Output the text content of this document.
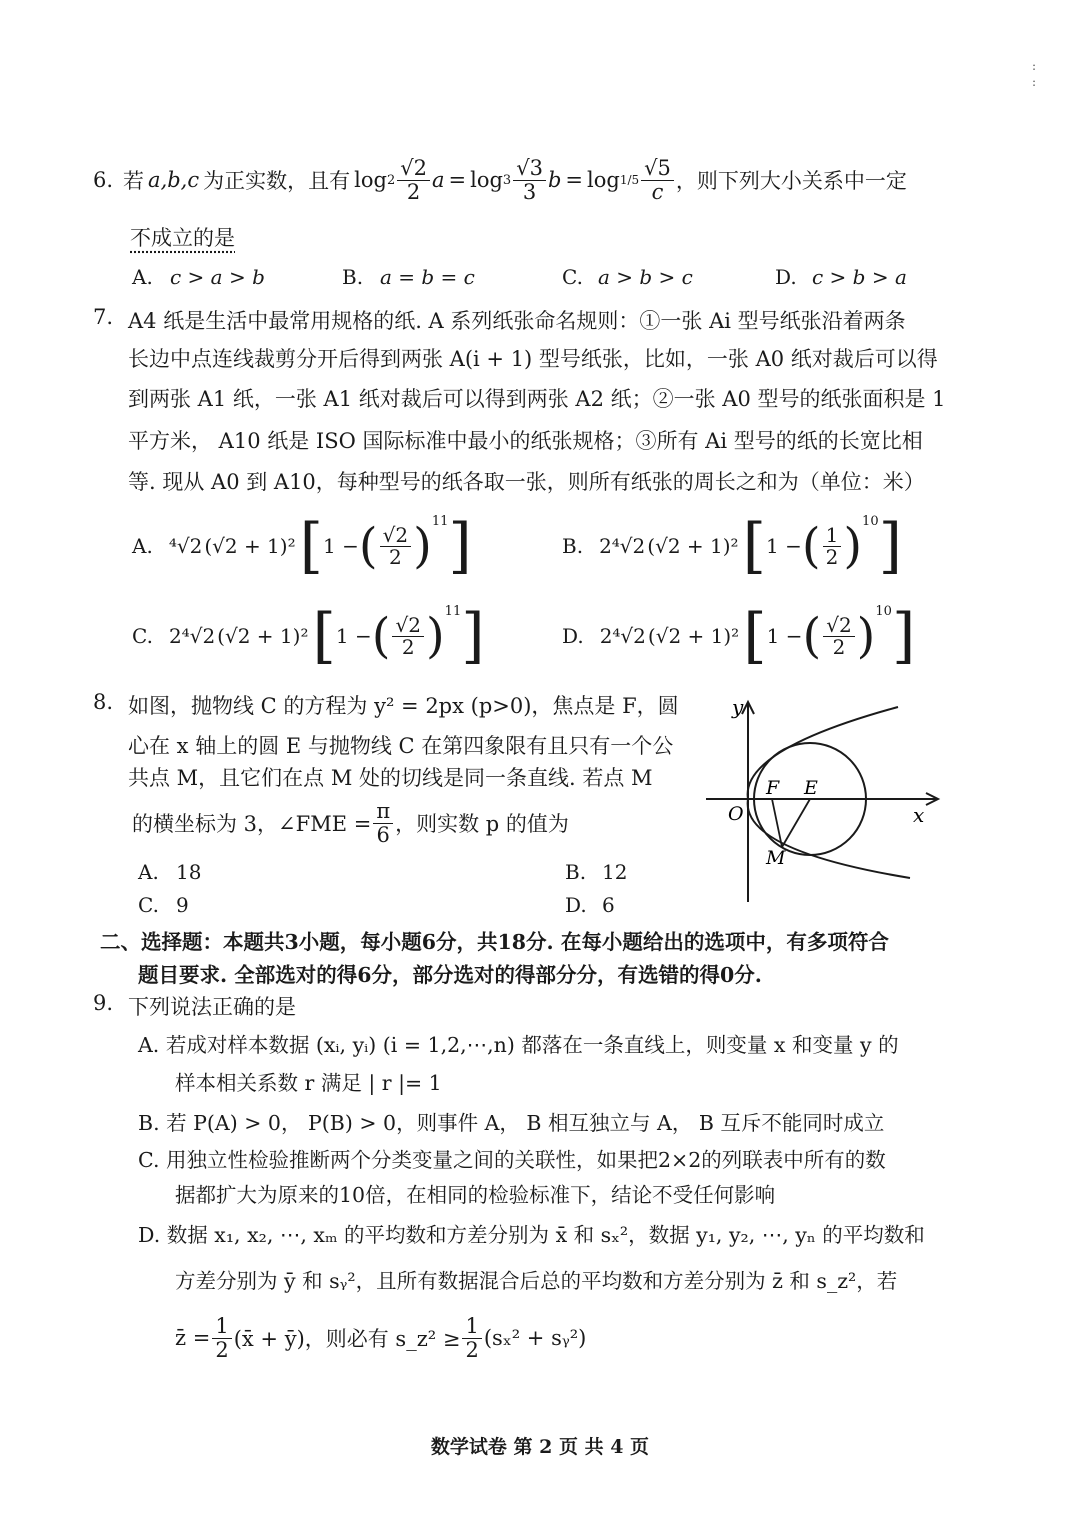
:
:
6. 若 a,b,c 为正实数，且有 $\log 2 \frac{√2}{2}$ $a = \log 3 \frac{√3}{3}$ $b = \log 1/5 \frac{√5}{c}$ ，则下列大小关系中一定
不成立的是
A. c > a > b	B. a = b = c	C. a > b > c	D. c > b > a
7. A4 纸是生活中最常用规格的纸. A 系列纸张命名规则：①一张 Ai 型号纸张沿着两条
长边中点连线裁剪分开后得到两张 A(i + 1) 型号纸张，比如，一张 A0 纸对裁后可以得
到两张 A1 纸，一张 A1 纸对裁后可以得到两张 A2 纸；②一张 A0 型号的纸张面积是 1
平方米， A10 纸是 ISO 国际标准中最小的纸张规格；③所有 Ai 型号的纸的长宽比相
等. 现从 A0 到 A10，每种型号的纸各取一张，则所有纸张的周长之和为（单位：米）
A. ⁴√2 (√2 + 1)² [ 1 − ( $\frac{√2}{2} )^{11}$ ]	B. 2⁴√2 (√2 + 1)² [ 1 − ( $\frac{1}{2} )^{10}$ ]
C. 2⁴√2 (√2 + 1)² [ 1 − ( $\frac{√2}{2} )^{11}$ ]	D. 2⁴√2 (√2 + 1)² [ 1 − ( $\frac{√2}{2} )^{10}$ ]
8. 如图，抛物线 C 的方程为 y² = 2px (p>0)，焦点是 F，圆
心在 x 轴上的圆 E 与抛物线 C 在第四象限有且只有一个公
共点 M，且它们在点 M 处的切线是同一条直线. 若点 M
的横坐标为 3，∠FME = $\frac{\pi}{6}$ ，则实数 p 的值为
A. 18	B. 12
C. 9	D. 6
y
x
O
F E
M
二、选择题：本题共3小题，每小题6分，共18分. 在每小题给出的选项中，有多项符合
题目要求. 全部选对的得6分，部分选对的得部分分，有选错的得0分.
9. 下列说法正确的是
A. 若成对样本数据 (xᵢ, yᵢ) (i = 1,2,⋯,n) 都落在一条直线上，则变量 x 和变量 y 的
样本相关系数 r 满足 | r |= 1
B. 若 P(A) > 0， P(B) > 0，则事件 A， B 相互独立与 A， B 互斥不能同时成立
C. 用独立性检验推断两个分类变量之间的关联性，如果把2×2的列联表中所有的数
据都扩大为原来的10倍，在相同的检验标准下，结论不受任何影响
D. 数据 x₁, x₂, ⋯, xₘ 的平均数和方差分别为 x̄ 和 sₓ²，数据 y₁, y₂, ⋯, yₙ 的平均数和
方差分别为 ȳ 和 sᵧ²，且所有数据混合后总的平均数和方差分别为 z̄ 和 s_z²，若
z̄ = $\frac{1}{2}$ (x̄ + ȳ)，则必有 s_z² ≥ $\frac{1}{2} (s_x^2$ + sᵧ²)
数学试卷 第 2 页 共 4 页
